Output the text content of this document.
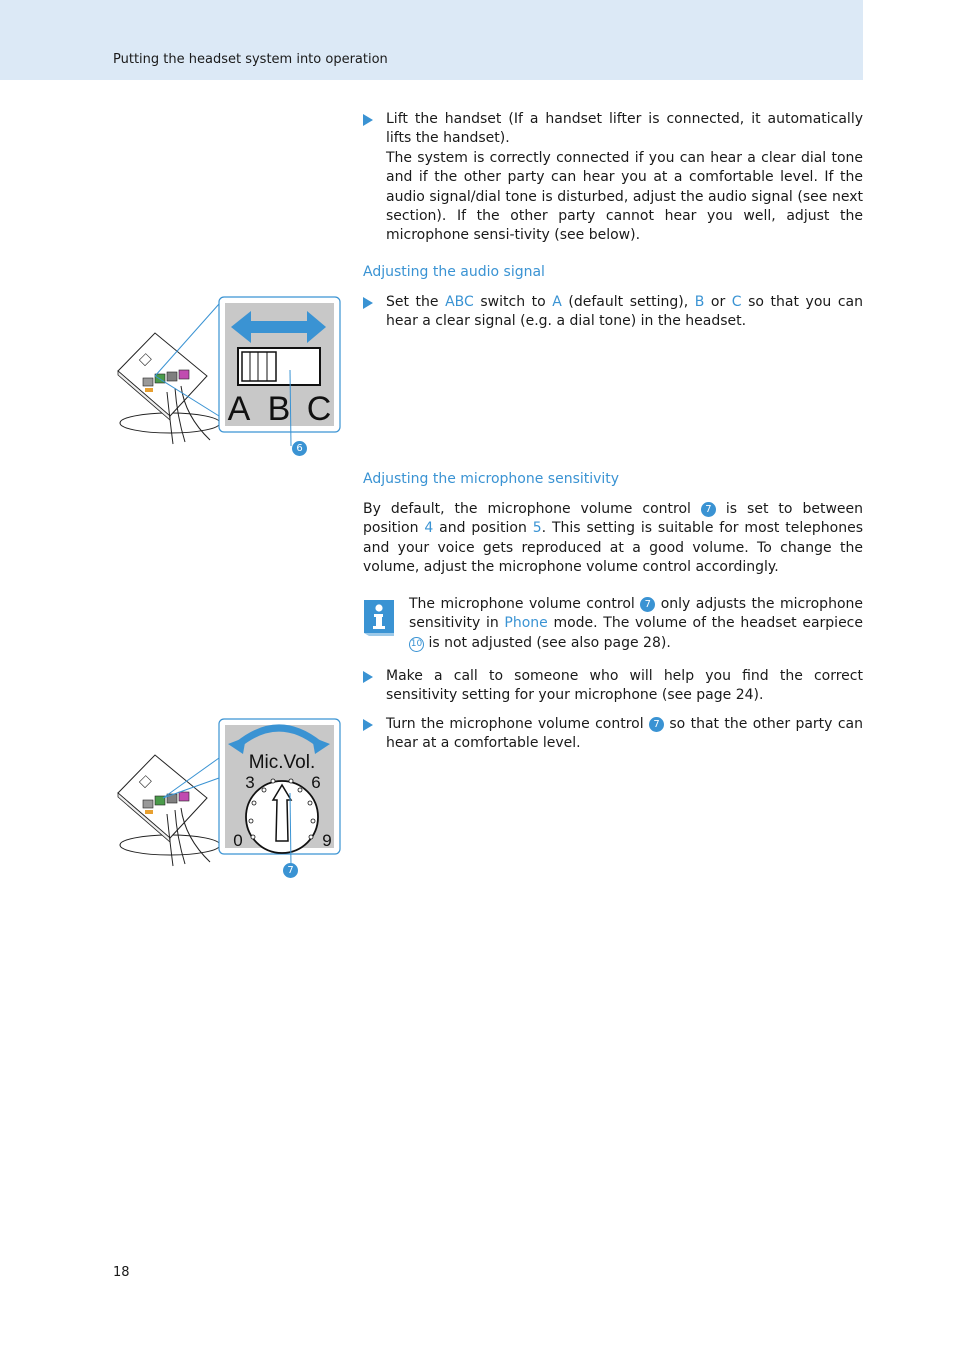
Putting the headset system into operation
Lift the handset (If a handset lifter is connected, it automatically lifts the handset).
The system is correctly connected if you can hear a clear dial tone and if the other party can hear you at a comfortable level. If the audio signal/dial tone is disturbed, adjust the audio signal (see next section). If the other party cannot hear you well, adjust the microphone sensi-tivity (see below).
Adjusting the audio signal
Set the ABC switch to A (default setting), B or C so that you can hear a clear signal (e.g. a dial tone) in the headset.
A B C
6
Adjusting the microphone sensitivity
By default, the microphone volume control 7 is set to between position 4 and position 5. This setting is suitable for most telephones and your voice gets reproduced at a good volume. To change the volume, adjust the microphone volume control accordingly.
The microphone volume control 7 only adjusts the microphone sensitivity in Phone mode. The volume of the headset earpiece 10 is not adjusted (see also page 28).
Make a call to someone who will help you find the correct sensitivity setting for your microphone (see page 24).
Turn the microphone volume control 7 so that the other party can hear at a comfortable level.
Mic.Vol.
3	6
0	9
7
18
